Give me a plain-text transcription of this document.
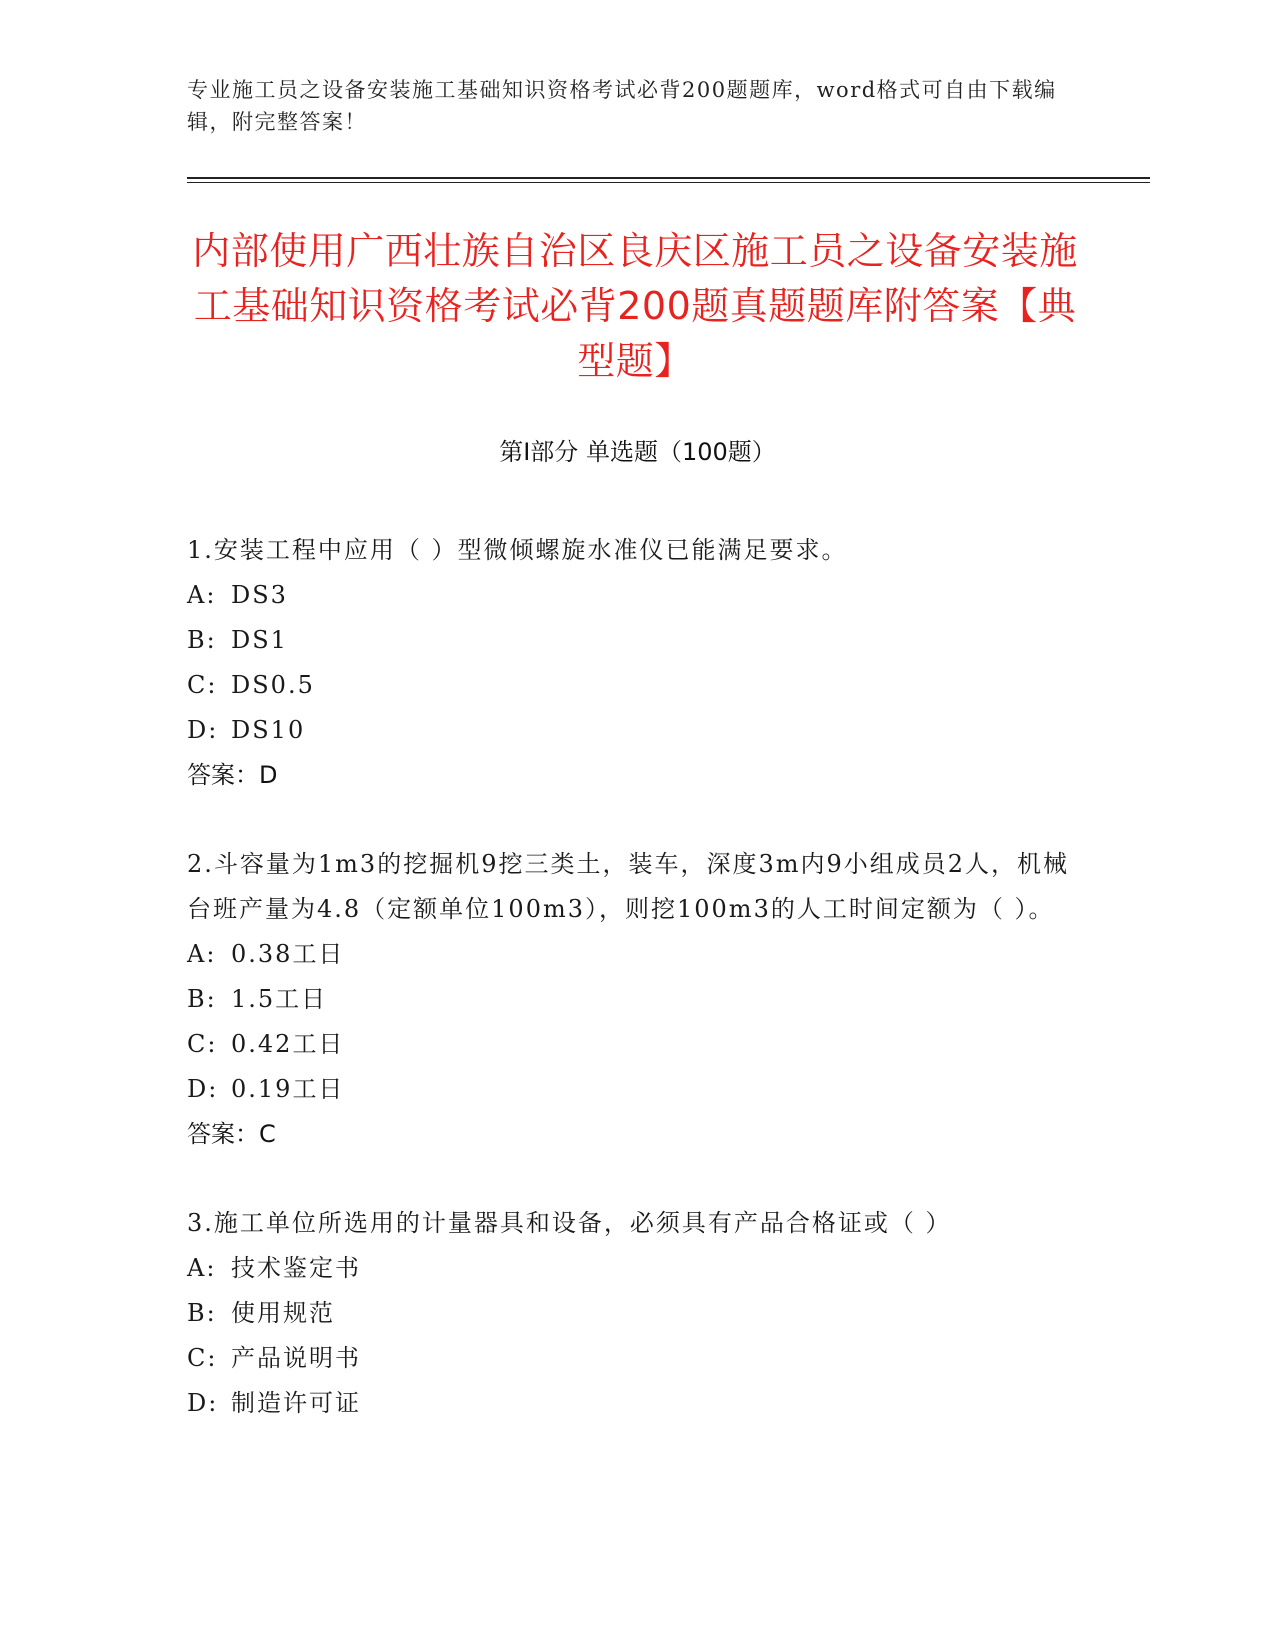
专业施工员之设备安装施工基础知识资格考试必背200题题库，word格式可自由下载编辑，附完整答案！
内部使用广西壮族自治区良庆区施工员之设备安装施工基础知识资格考试必背200题真题题库附答案【典型题】
第Ⅰ部分 单选题（100题）
1.安装工程中应用（ ）型微倾螺旋水准仪已能满足要求。
A: DS3
B: DS1
C: DS0.5
D: DS10
答案：D
2.斗容量为1m3的挖掘机9挖三类土，装车，深度3m内9小组成员2人，机械台班产量为4.8（定额单位100m3），则挖100m3的人工时间定额为（ ）。
A: 0.38工日
B: 1.5工日
C: 0.42工日
D: 0.19工日
答案：C
3.施工单位所选用的计量器具和设备，必须具有产品合格证或（ ）
A: 技术鉴定书
B: 使用规范
C: 产品说明书
D: 制造许可证
